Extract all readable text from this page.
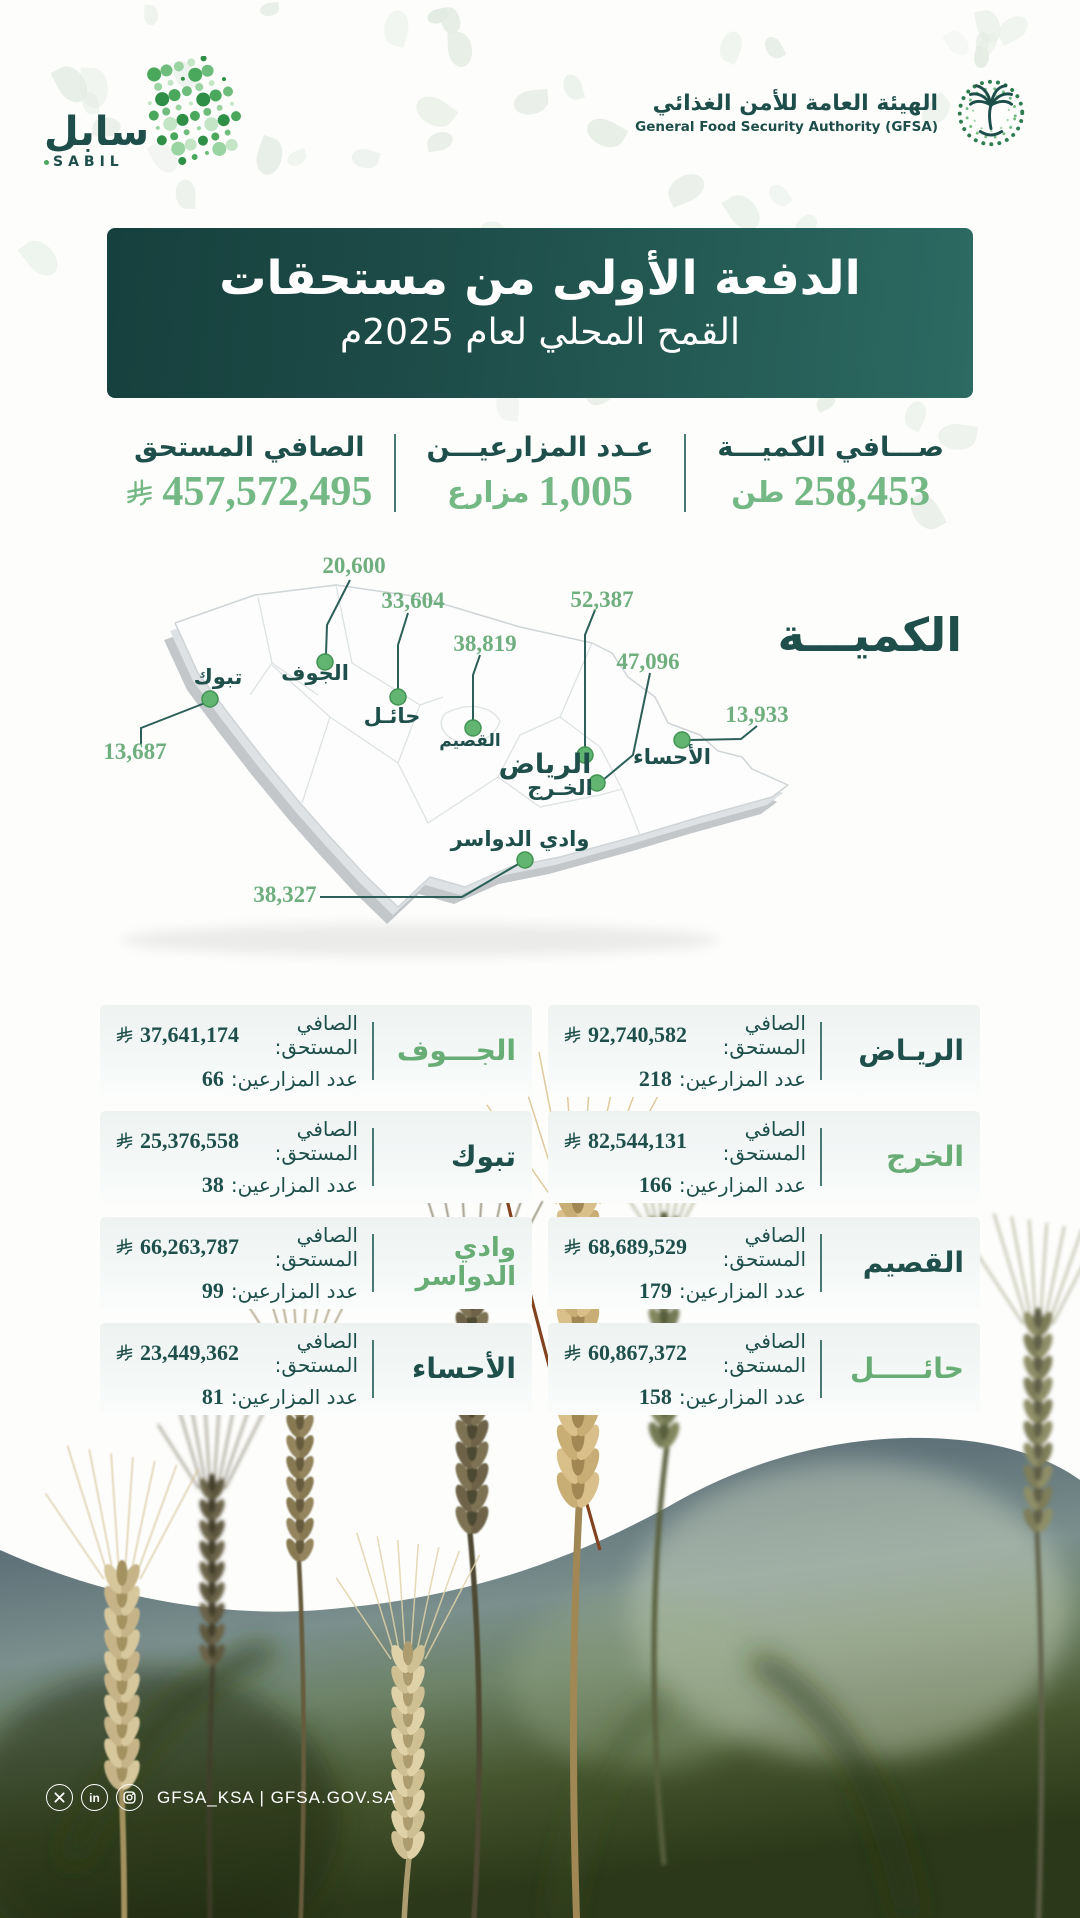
سابل
SABIL
الهيئة العامة للأمن الغذائي
General Food Security Authority (GFSA)
الدفعة الأولى من مستحقات
القمح المحلي لعام 2025م
صـــافي الكميـــة
258,453
طن
عـدد المزارعيـــن
1,005
مزارع
الصافي المستحق
457,572,495
الكميـــة
20,600
33,604
38,819
52,387
47,096
13,933
13,687
38,327
الجوف
حائـل
القصيم
الرياض
الخـرج
الأحساء
تبوك
وادي الدواسر
الريـاض
الصافي المستحق:
92,740,582
عدد المزارعين:
218
الجـــوف
الصافي المستحق:
37,641,174
عدد المزارعين:
66
الخرج
الصافي المستحق:
82,544,131
عدد المزارعين:
166
تبوك
الصافي المستحق:
25,376,558
عدد المزارعين:
38
القصيم
الصافي المستحق:
68,689,529
عدد المزارعين:
179
وادي الدواسر
الصافي المستحق:
66,263,787
عدد المزارعين:
99
حائـــــل
الصافي المستحق:
60,867,372
عدد المزارعين:
158
الأحساء
الصافي المستحق:
23,449,362
عدد المزارعين:
81
in	GFSA_KSA | GFSA.GOV.SA
